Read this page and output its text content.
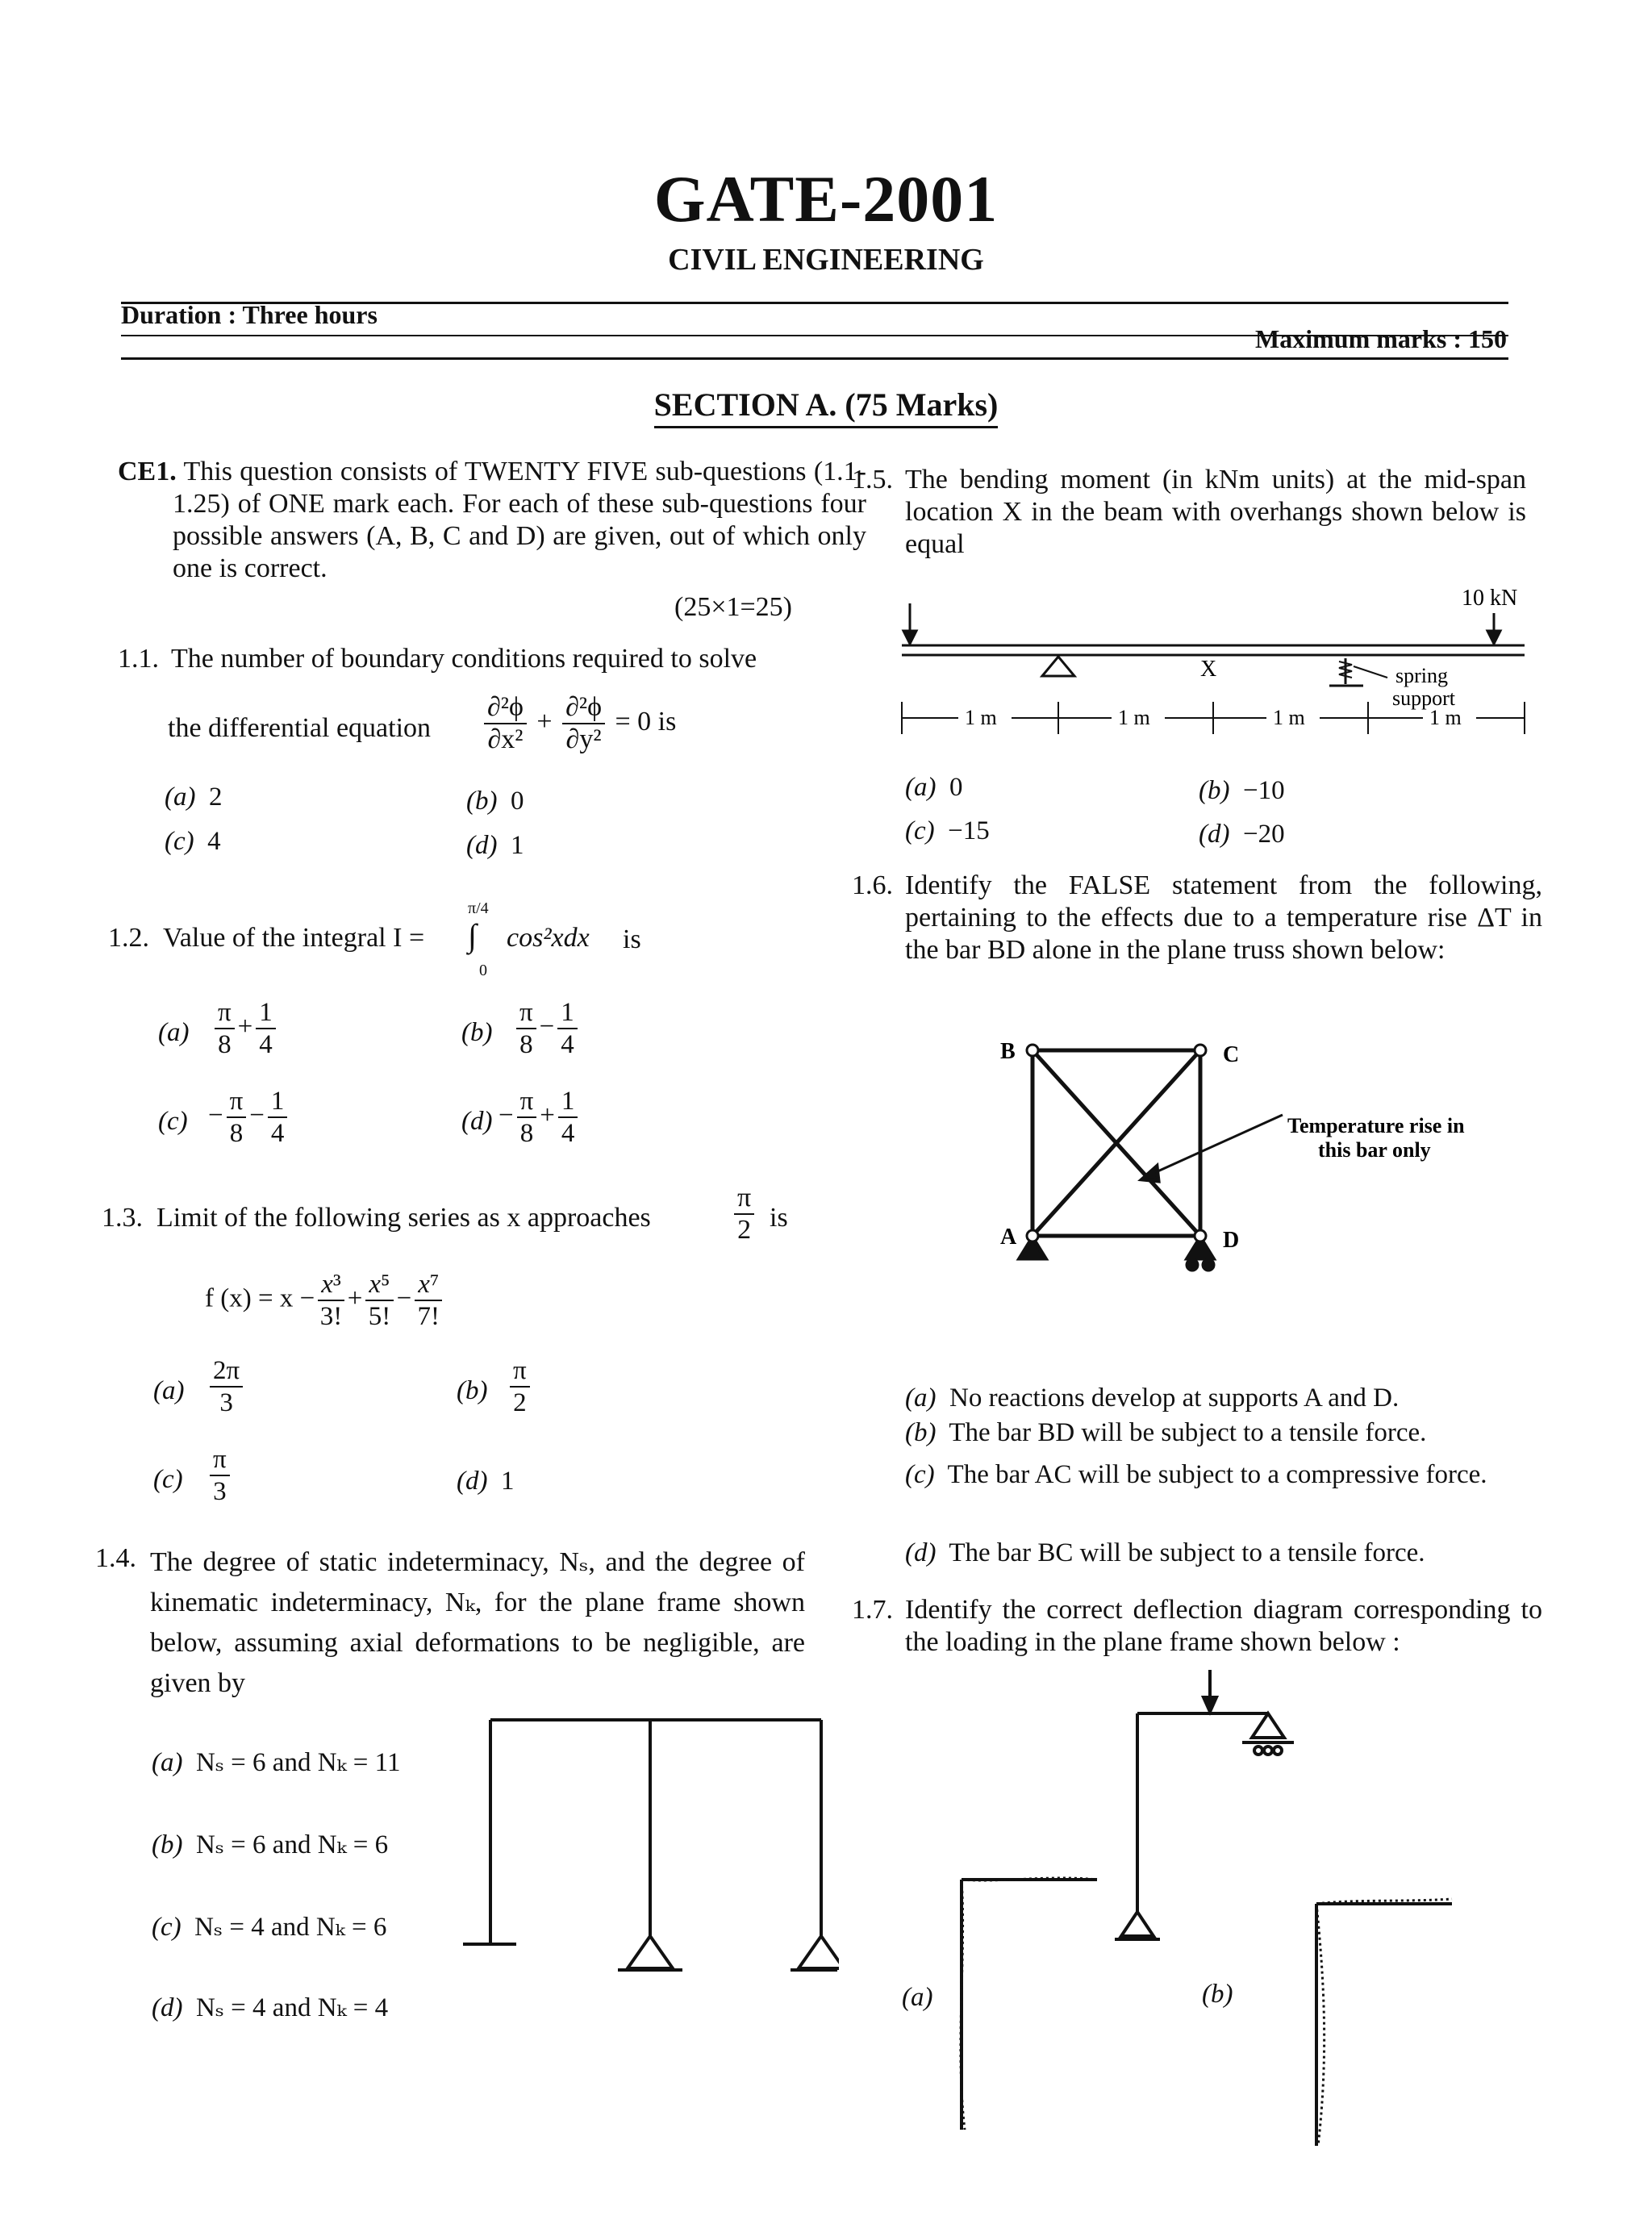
GATE-2001
CIVIL ENGINEERING
Duration : Three hours
Maximum marks : 150
SECTION A. (75 Marks)
CE1. This question consists of TWENTY FIVE sub-questions (1.1-1.25) of ONE mark each. For each of these sub-questions four possible answers (A, B, C and D) are given, out of which only one is correct.
(25×1=25)
1.1. The number of boundary conditions required to solve
the differential equation $\frac{\text{∂²ϕ}}{\text{∂x²}} + \frac{\text{∂²ϕ}}{\text{∂y²}} = 0$ is
(a) 2	(b) 0
(c) 4	(d) 1
1.2. Value of the integral I =
π/4
∫
0
cos²xdx is
$(a) \frac{\pi}{8} + \frac{1}{4}$	$(b) \frac{\pi}{8} - \frac{1}{4}$
$(c) - \frac{\pi}{8} - \frac{1}{4}$	$(d) - \frac{\pi}{8} + \frac{1}{4}$
1.3. Limit of the following series as x approaches	$\frac{\pi}{2}$ is
f $(x) = x - \frac{\text{x³}}{3!} + \frac{\text{x⁵}}{5!} - \frac{\text{x⁷}}{7!}$
$(a) \frac{2\pi}{3}$	$(b) \frac{\pi}{2}$
$(c) \frac{\pi}{3}$	(d) 1
1.4. The degree of static indeterminacy, Nₛ, and the degree of kinematic indeterminacy, Nₖ, for the plane frame shown below, assuming axial deformations to be negligible, are given by
(a) Nₛ = 6 and Nₖ = 11
(b) Nₛ = 6 and Nₖ = 6
(c) Nₛ = 4 and Nₖ = 6
(d) Nₛ = 4 and Nₖ = 4
1.5. The bending moment (in kNm units) at the mid-span location X in the beam with overhangs shown below is equal
10 kN
X	spring
support
1 m	1 m	1 m	1 m
(a) 0	(b) −10
(c) −15	(d) −20
1.6. Identify the FALSE statement from the following, pertaining to the effects due to a temperature rise ΔT in the bar BD alone in the plane truss shown below:
B	C
A	D
Temperature rise in
this bar only
(a) No reactions develop at supports A and D.
(b) The bar BD will be subject to a tensile force.
(c) The bar AC will be subject to a compressive force.
(d) The bar BC will be subject to a tensile force.
1.7. Identify the correct deflection diagram corresponding to the loading in the plane frame shown below :
(a)	(b)
